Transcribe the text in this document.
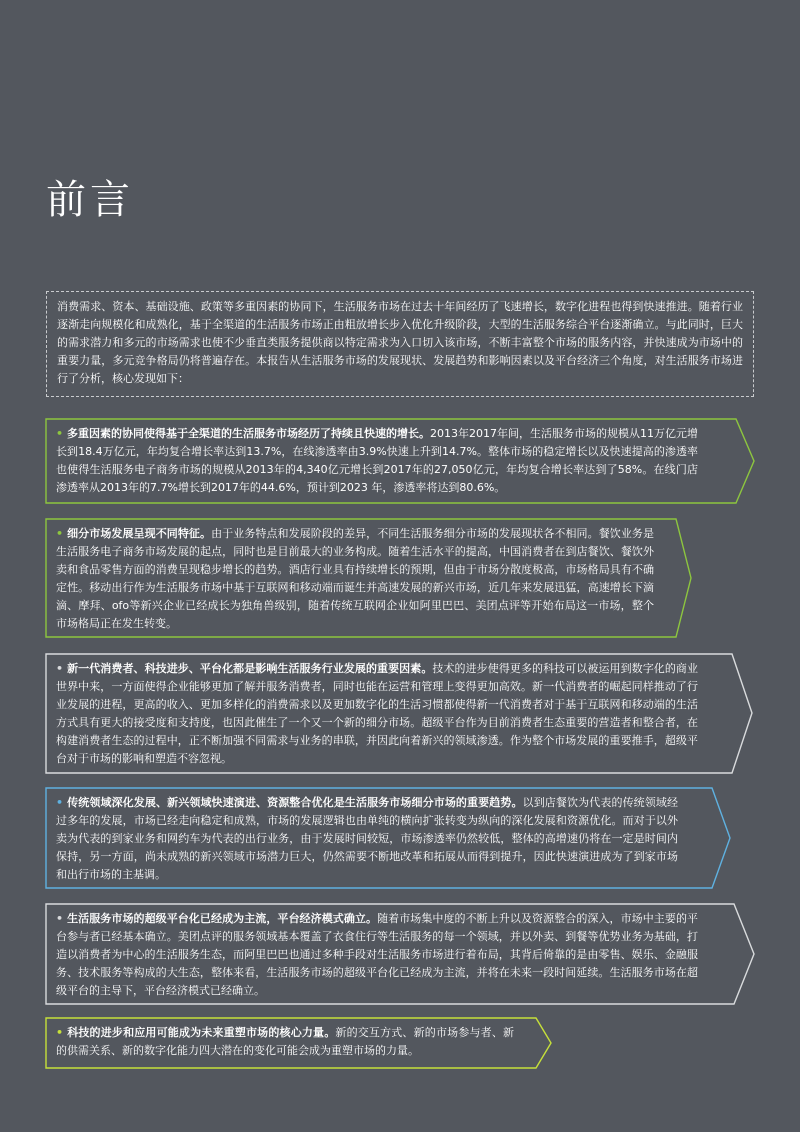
前言

消费需求、资本、基础设施、政策等多重因素的协同下，生活服务市场在过去十年间经历了飞速增长，数字化进程也得到快速推进。随着行业逐渐走向规模化和成熟化，基于全渠道的生活服务市场正由粗放增长步入优化升级阶段，大型的生活服务综合平台逐渐确立。与此同时，巨大的需求潜力和多元的市场需求也使不少垂直类服务提供商以特定需求为入口切入该市场，不断丰富整个市场的服务内容，并快速成为市场中的重要力量，多元竞争格局仍将普遍存在。本报告从生活服务市场的发展现状、发展趋势和影响因素以及平台经济三个角度，对生活服务市场进行了分析，核心发现如下：

• 多重因素的协同使得基于全渠道的生活服务市场经历了持续且快速的增长。2013年2017年间，生活服务市场的规模从11万亿元增长到18.4万亿元，年均复合增长率达到13.7%，在线渗透率由3.9%快速上升到14.7%。整体市场的稳定增长以及快速提高的渗透率也使得生活服务电子商务市场的规模从2013年的4,340亿元增长到2017年的27,050亿元，年均复合增长率达到了58%。在线门店渗透率从2013年的7.7%增长到2017年的44.6%，预计到2023 年，渗透率将达到80.6%。
• 细分市场发展呈现不同特征。由于业务特点和发展阶段的差异，不同生活服务细分市场的发展现状各不相同。餐饮业务是生活服务电子商务市场发展的起点，同时也是目前最大的业务构成。随着生活水平的提高，中国消费者在到店餐饮、餐饮外卖和食品零售方面的消费呈现稳步增长的趋势。酒店行业具有持续增长的预期，但由于市场分散度极高，市场格局具有不确定性。移动出行作为生活服务市场中基于互联网和移动端而诞生并高速发展的新兴市场，近几年来发展迅猛，高速增长下滴滴、摩拜、ofo等新兴企业已经成长为独角兽级别，随着传统互联网企业如阿里巴巴、美团点评等开始布局这一市场，整个市场格局正在发生转变。
• 新一代消费者、科技进步、平台化都是影响生活服务行业发展的重要因素。技术的进步使得更多的科技可以被运用到数字化的商业世界中来，一方面使得企业能够更加了解并服务消费者，同时也能在运营和管理上变得更加高效。新一代消费者的崛起同样推动了行业发展的进程，更高的收入、更加多样化的消费需求以及更加数字化的生活习惯都使得新一代消费者对于基于互联网和移动端的生活方式具有更大的接受度和支持度，也因此催生了一个又一个新的细分市场。超级平台作为目前消费者生态重要的营造者和整合者，在构建消费者生态的过程中，正不断加强不同需求与业务的串联，并因此向着新兴的领域渗透。作为整个市场发展的重要推手，超级平台对于市场的影响和塑造不容忽视。
• 传统领域深化发展、新兴领域快速演进、资源整合优化是生活服务市场细分市场的重要趋势。以到店餐饮为代表的传统领域经过多年的发展，市场已经走向稳定和成熟，市场的发展逻辑也由单纯的横向扩张转变为纵向的深化发展和资源优化。而对于以外卖为代表的到家业务和网约车为代表的出行业务，由于发展时间较短，市场渗透率仍然较低，整体的高增速仍将在一定是时间内保持，另一方面，尚未成熟的新兴领域市场潜力巨大，仍然需要不断地改革和拓展从而得到提升，因此快速演进成为了到家市场和出行市场的主基调。
• 生活服务市场的超级平台化已经成为主流，平台经济模式确立。随着市场集中度的不断上升以及资源整合的深入，市场中主要的平台参与者已经基本确立。美团点评的服务领域基本覆盖了衣食住行等生活服务的每一个领域，并以外卖、到餐等优势业务为基础，打造以消费者为中心的生活服务生态，而阿里巴巴也通过多种手段对生活服务市场进行着布局，其背后倚靠的是由零售、娱乐、金融服务、技术服务等构成的大生态，整体来看，生活服务市场的超级平台化已经成为主流，并将在未来一段时间延续。生活服务市场在超级平台的主导下，平台经济模式已经确立。
• 科技的进步和应用可能成为未来重塑市场的核心力量。新的交互方式、新的市场参与者、新的供需关系、新的数字化能力四大潜在的变化可能会成为重塑市场的力量。
